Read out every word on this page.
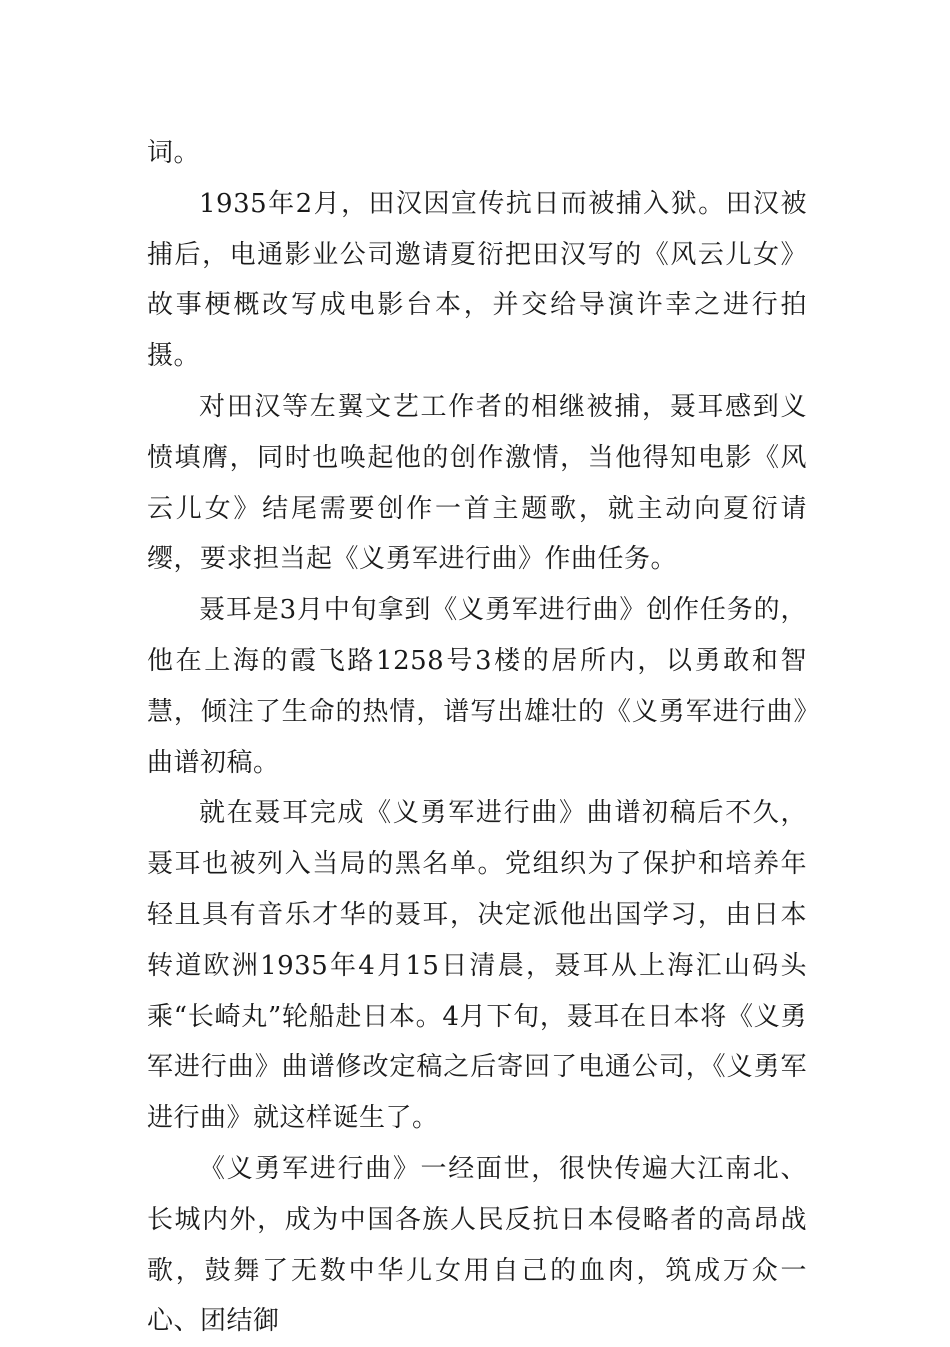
词。

1935年2月，田汉因宣传抗日而被捕入狱。田汉被捕后，电通影业公司邀请夏衍把田汉写的《风云儿女》故事梗概改写成电影台本，并交给导演许幸之进行拍摄。

对田汉等左翼文艺工作者的相继被捕，聂耳感到义愤填膺，同时也唤起他的创作激情，当他得知电影《风云儿女》结尾需要创作一首主题歌，就主动向夏衍请缨，要求担当起《义勇军进行曲》作曲任务。

聂耳是3月中旬拿到《义勇军进行曲》创作任务的，他在上海的霞飞路1258号3楼的居所内，以勇敢和智慧，倾注了生命的热情，谱写出雄壮的《义勇军进行曲》曲谱初稿。

就在聂耳完成《义勇军进行曲》曲谱初稿后不久，聂耳也被列入当局的黑名单。党组织为了保护和培养年轻且具有音乐才华的聂耳，决定派他出国学习，由日本转道欧洲1935年4月15日清晨，聂耳从上海汇山码头乘“长崎丸”轮船赴日本。4月下旬，聂耳在日本将《义勇军进行曲》曲谱修改定稿之后寄回了电通公司，《义勇军进行曲》就这样诞生了。

《义勇军进行曲》一经面世，很快传遍大江南北、长城内外，成为中国各族人民反抗日本侵略者的高昂战歌，鼓舞了无数中华儿女用自己的血肉，筑成万众一心、团结御
